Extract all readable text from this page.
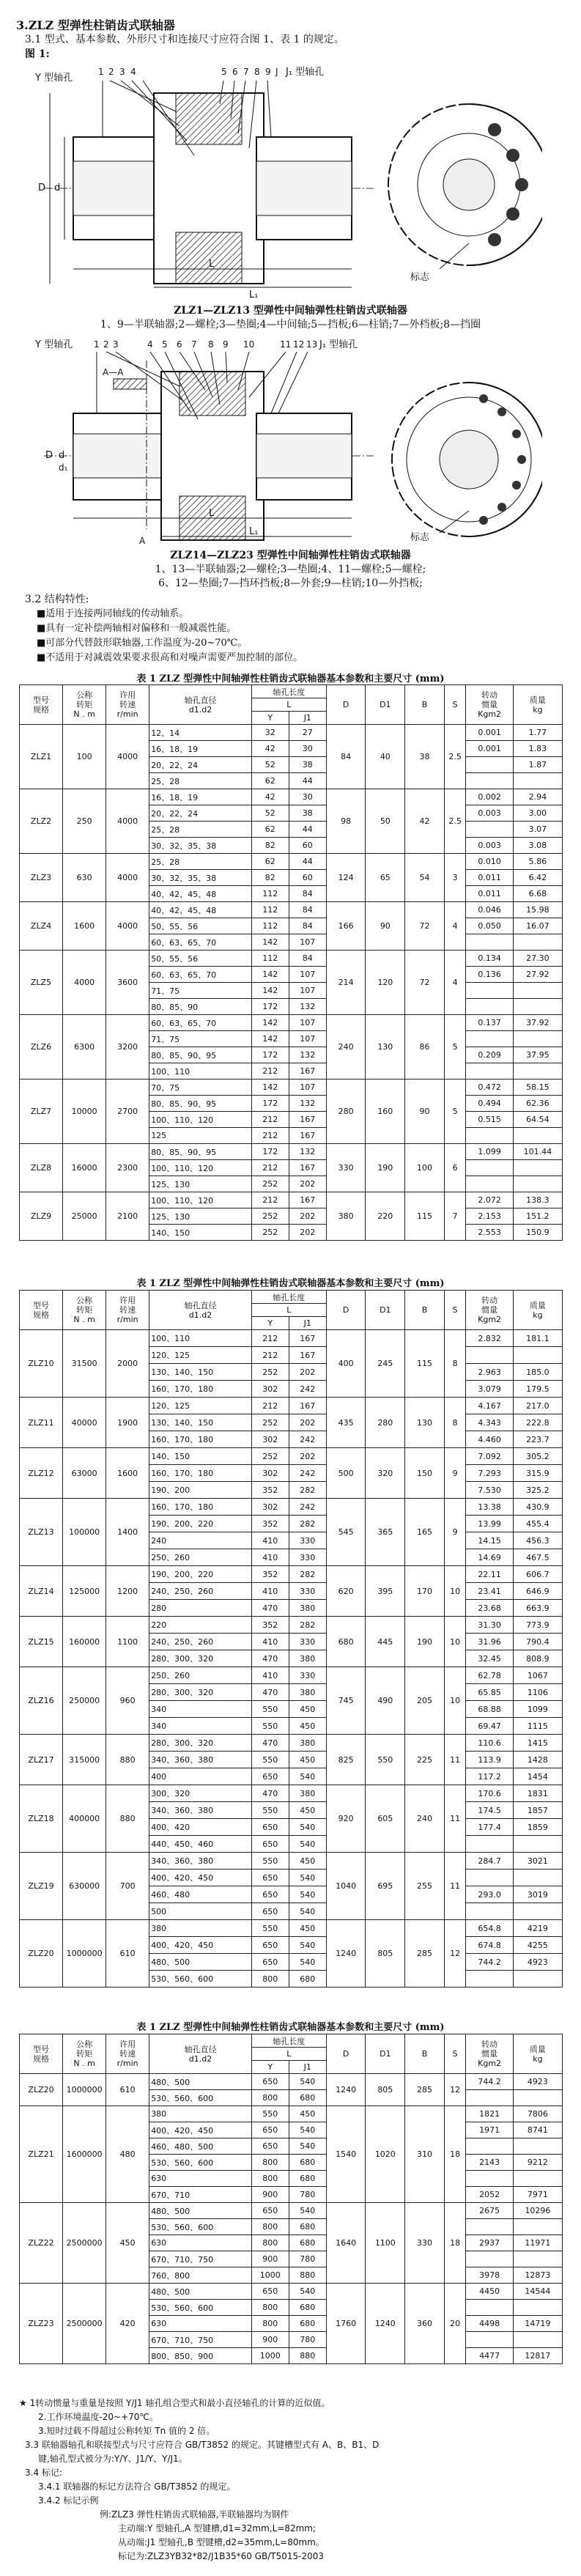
3.ZLZ 型弹性柱销齿式联轴器
3.1 型式、基本参数、外形尺寸和连接尺寸应符合图 1、表 1 的规定。
图 1:
Y 型轴孔
1 2 3 4	5 6 7 8 9 J J₁ 型轴孔
L
L₁
D d
标志
ZLZ1—ZLZ13 型弹性中间轴弹性柱销齿式联轴器
1、9—半联轴器;2—螺栓;3—垫圈;4—中间轴;5—挡板;6—柱销;7—外档板;8—挡圈
Y 型轴孔 1 2 3	4 5 6 7 8 9 10	11 12 13 J₁ 型轴孔
A—A
A
L
L₁
D d
d₁
标志
ZLZ14—ZLZ23 型弹性中间轴弹性柱销齿式联轴器
1、13—半联轴器;2—螺栓;3—垫圈;4、11—螺栓;5—螺栓;
6、12—垫圈;7—挡环挡板;8—外套;9—柱销;10—外挡板;
3.2 结构特性:
■适用于连接两同轴线的传动轴系。
■具有一定补偿两轴相对偏移和一般减震性能。
■可部分代替鼓形联轴器,工作温度为-20~70℃。
■不适用于对减震效果要求很高和对噪声需要严加控制的部位。
表 1 ZLZ 型弹性中间轴弹性柱销齿式联轴器基本参数和主要尺寸 (mm)
型号
规格	公称
转矩
N . m	许用
转速
r/min	轴孔直径
d1.d2	轴孔长度		D	D1	B	S	转动
惯量
Kgm2	质量
kg
				L							
				Y	J1						
ZLZ1	100	4000	12、14	32	27	84	40	38	2.5	0.001	1.77
			16、18、19	42	30					0.001	1.83
			20、22、24	52	38						1.87
			25、28	62	44						
ZLZ2	250	4000	16、18、19	42	30	98	50	42	2.5	0.002	2.94
			20、22、24	52	38					0.003	3.00
			25、28	62	44						3.07
			30、32、35、38	82	60					0.003	3.08
ZLZ3	630	4000	25、28	62	44	124	65	54	3	0.010	5.86
			30、32、35、38	82	60					0.011	6.42
			40、42、45、48	112	84					0.011	6.68
ZLZ4	1600	4000	40、42、45、48	112	84	166	90	72	4	0.046	15.98
			50、55、56	112	84					0.050	16.07
			60、63、65、70	142	107						
ZLZ5	4000	3600	50、55、56	112	84	214	120	72	4	0.134	27.30
			60、63、65、70	142	107					0.136	27.92
			71、75	142	107						
			80、85、90	172	132						
ZLZ6	6300	3200	60、63、65、70	142	107	240	130	86	5	0.137	37.92
			71、75	142	107						
			80、85、90、95	172	132					0.209	37.95
			100、110	212	167						
ZLZ7	10000	2700	70、75	142	107	280	160	90	5	0.472	58.15
			80、85、90、95	172	132					0.494	62.36
			100、110、120	212	167					0.515	64.54
			125	212	167						
ZLZ8	16000	2300	80、85、90、95	172	132	330	190	100	6	1.099	101.44
			100、110、120	212	167						
			125、130	252	202						
ZLZ9	25000	2100	100、110、120	212	167	380	220	115	7	2.072	138.3
			125、130	252	202					2.153	151.2
			140、150	252	202					2.553	150.9
表 1 ZLZ 型弹性中间轴弹性柱销齿式联轴器基本参数和主要尺寸 (mm)
型号
规格	公称
转矩
N . m	许用
转速
r/min	轴孔直径
d1.d2	轴孔长度		D	D1	B	S	转动
惯量
Kgm2	质量
kg
				L							
				Y	J1						
ZLZ10	31500	2000	100、110	212	167	400	245	115	8	2.832	181.1
			120、125	212	167						
			130、140、150	252	202					2.963	185.0
			160、170、180	302	242					3.079	179.5
ZLZ11	40000	1900	120、125	212	167	435	280	130	8	4.167	217.0
			130、140、150	252	202					4.343	222.8
			160、170、180	302	242					4.460	223.7
ZLZ12	63000	1600	140、150	252	202	500	320	150	9	7.092	305.2
			160、170、180	302	242					7.293	315.9
			190、200	352	282					7.530	325.2
ZLZ13	100000	1400	160、170、180	302	242	545	365	165	9	13.38	430.9
			190、200、220	352	282					13.99	455.4
			240	410	330					14.15	456.3
			250、260	410	330					14.69	467.5
ZLZ14	125000	1200	190、200、220	352	282	620	395	170	10	22.11	606.7
			240、250、260	410	330					23.41	646.9
			280	470	380					23.68	663.9
ZLZ15	160000	1100	220	352	282	680	445	190	10	31.30	773.9
			240、250、260	410	330					31.96	790.4
			280、300、320	470	380					32.45	808.9
ZLZ16	250000	960	250、260	410	330	745	490	205	10	62.78	1067
			280、300、320	470	380					65.85	1106
			340	550	450					68.88	1099
			340	550	450					69.47	1115
ZLZ17	315000	880	280、300、320	470	380	825	550	225	11	110.6	1415
			340、360、380	550	450					113.9	1428
			400	650	540					117.2	1454
ZLZ18	400000	880	300、320	470	380	920	605	240	11	170.6	1831
			340、360、380	550	450					174.5	1857
			400、420	650	540					177.4	1859
			440、450、460	650	540						
ZLZ19	630000	700	340、360、380	550	450	1040	695	255	11	284.7	3021
			400、420、450	650	540						
			460、480	650	540					293.0	3019
			500	650	540						
ZLZ20	1000000	610	380	550	450	1240	805	285	12	654.8	4219
			400、420、450	650	540					674.8	4255
			480、500	650	540					744.2	4923
			530、560、600	800	680						
表 1 ZLZ 型弹性中间轴弹性柱销齿式联轴器基本参数和主要尺寸 (mm)
型号
规格	公称
转矩
N . m	许用
转速
r/min	轴孔直径
d1.d2	轴孔长度		D	D1	B	S	转动
惯量
Kgm2	质量
kg
				L							
				Y	J1						
ZLZ20	1000000	610	480、500	650	540	1240	805	285	12	744.2	4923
			530、560、600	800	680						
ZLZ21	1600000	480	380	550	450	1540	1020	310	18	1821	7806
			400、420、450	650	540					1971	8741
			460、480、500	650	540						
			530、560、600	800	680					2143	9212
			630	800	680						
			670、710	900	780					2052	7971
ZLZ22	2500000	450	480、500	650	540	1640	1100	330	18	2675	10296
			530、560、600	800	680						
			630	800	680					2937	11971
			670、710、750	900	780						
			760、800	1000	880					3978	12873
ZLZ23	2500000	420	480、500	650	540	1760	1240	360	20	4450	14544
			530、560、600	800	680						
			630	800	680					4498	14719
			670、710、750	900	780						
			800、850、900	1000	880					4477	12817
★ 1转动惯量与重量是按照 Y/J1 轴孔组合型式和最小直径轴孔的计算的近似值。
2.工作环境温度-20~+70℃。
3.短时过载不得超过公称转矩 Tn 值的 2 倍。
3.3 联轴器轴孔和联接型式与尺寸应符合 GB/T3852 的规定。其键槽型式有 A、B、B1、D
键,轴孔型式被分为:Y/Y、J1/Y、Y/J1。
3.4 标记:
3.4.1 联轴器的标记方法符合 GB/T3852 的规定。
3.4.2 标记示例
例:ZLZ3 弹性柱销齿式联轴器,半联轴器均为钢件
主动端:Y 型轴孔,A 型键槽,d1=32mm,L=82mm;
从动端:J1 型轴孔,B 型键槽,d2=35mm,L=80mm。
标记为:ZLZ3YB32*82/J1B35*60 GB/T5015-2003
